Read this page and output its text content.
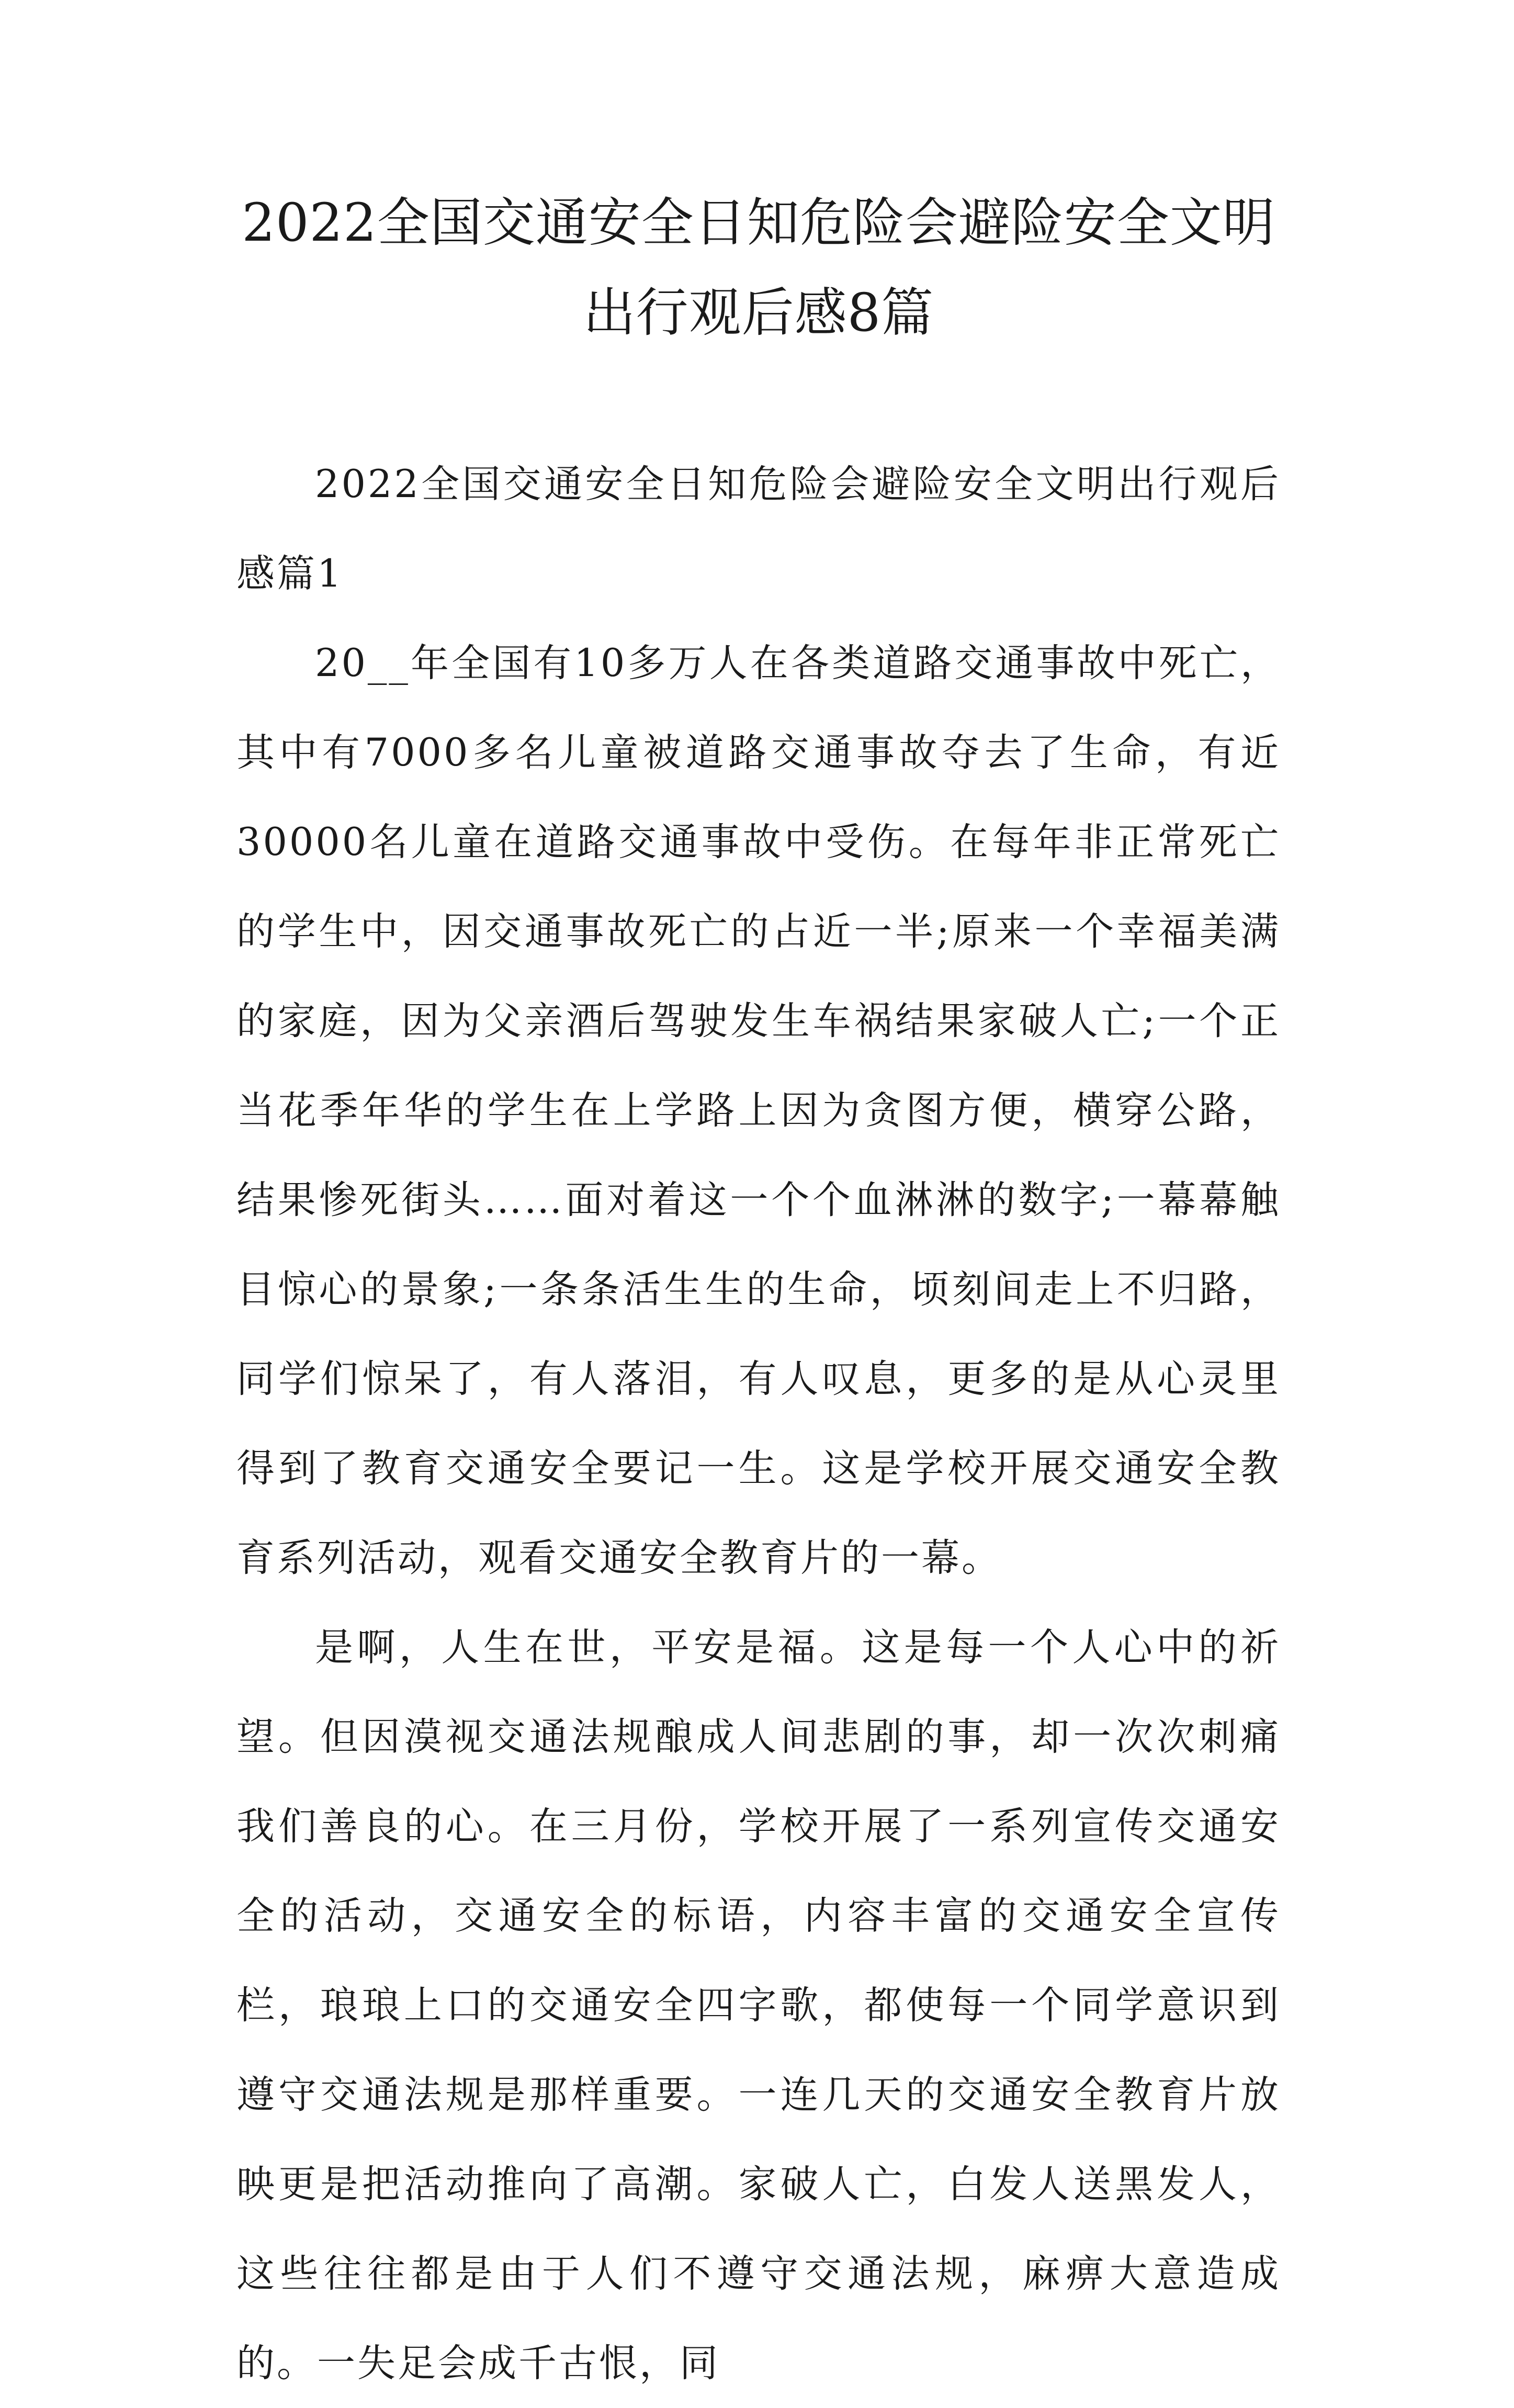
2022全国交通安全日知危险会避险安全文明出行观后感8篇

2022全国交通安全日知危险会避险安全文明出行观后感篇1

20__年全国有10多万人在各类道路交通事故中死亡，其中有7000多名儿童被道路交通事故夺去了生命，有近30000名儿童在道路交通事故中受伤。在每年非正常死亡的学生中，因交通事故死亡的占近一半;原来一个幸福美满的家庭，因为父亲酒后驾驶发生车祸结果家破人亡;一个正当花季年华的学生在上学路上因为贪图方便，横穿公路，结果惨死街头……面对着这一个个血淋淋的数字;一幕幕触目惊心的景象;一条条活生生的生命，顷刻间走上不归路，同学们惊呆了，有人落泪，有人叹息，更多的是从心灵里得到了教育交通安全要记一生。这是学校开展交通安全教育系列活动，观看交通安全教育片的一幕。

是啊，人生在世，平安是福。这是每一个人心中的祈望。但因漠视交通法规酿成人间悲剧的事，却一次次刺痛我们善良的心。在三月份，学校开展了一系列宣传交通安全的活动，交通安全的标语，内容丰富的交通安全宣传栏，琅琅上口的交通安全四字歌，都使每一个同学意识到遵守交通法规是那样重要。一连几天的交通安全教育片放映更是把活动推向了高潮。家破人亡，白发人送黑发人，这些往往都是由于人们不遵守交通法规，麻痹大意造成的。一失足会成千古恨，同
